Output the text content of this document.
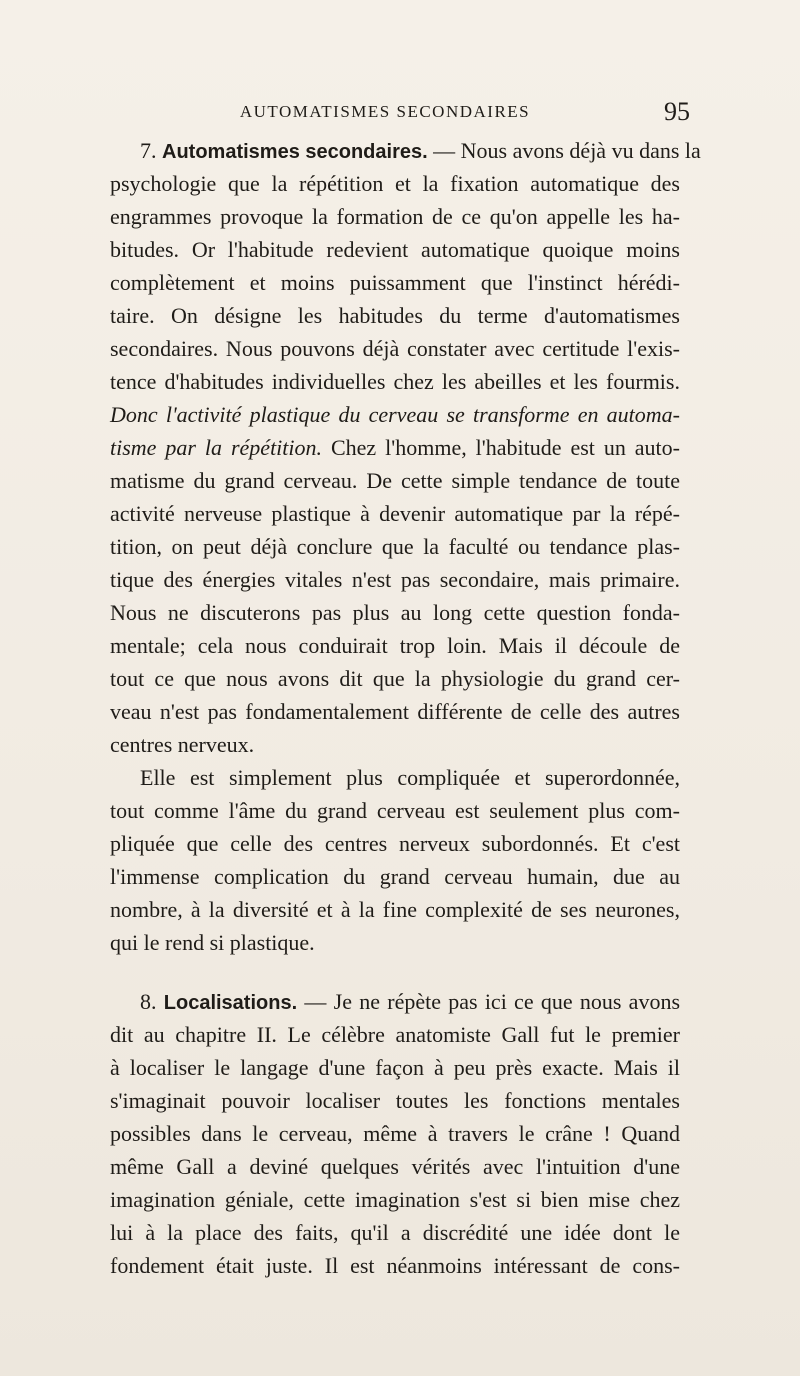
AUTOMATISMES SECONDAIRES	95
7. Automatismes secondaires. — Nous avons déjà vu dans la
psychologie que la répétition et la fixation automatique des
engrammes provoque la formation de ce qu'on appelle les ha-
bitudes. Or l'habitude redevient automatique quoique moins
complètement et moins puissamment que l'instinct hérédi-
taire. On désigne les habitudes du terme d'automatismes
secondaires. Nous pouvons déjà constater avec certitude l'exis-
tence d'habitudes individuelles chez les abeilles et les fourmis.
Donc l'activité plastique du cerveau se transforme en automa-
tisme par la répétition. Chez l'homme, l'habitude est un auto-
matisme du grand cerveau. De cette simple tendance de toute
activité nerveuse plastique à devenir automatique par la répé-
tition, on peut déjà conclure que la faculté ou tendance plas-
tique des énergies vitales n'est pas secondaire, mais primaire.
Nous ne discuterons pas plus au long cette question fonda-
mentale; cela nous conduirait trop loin. Mais il découle de
tout ce que nous avons dit que la physiologie du grand cer-
veau n'est pas fondamentalement différente de celle des autres
centres nerveux.
Elle est simplement plus compliquée et superordonnée,
tout comme l'âme du grand cerveau est seulement plus com-
pliquée que celle des centres nerveux subordonnés. Et c'est
l'immense complication du grand cerveau humain, due au
nombre, à la diversité et à la fine complexité de ses neurones,
qui le rend si plastique.
8. Localisations. — Je ne répète pas ici ce que nous avons
dit au chapitre II. Le célèbre anatomiste Gall fut le premier
à localiser le langage d'une façon à peu près exacte. Mais il
s'imaginait pouvoir localiser toutes les fonctions mentales
possibles dans le cerveau, même à travers le crâne ! Quand
même Gall a deviné quelques vérités avec l'intuition d'une
imagination géniale, cette imagination s'est si bien mise chez
lui à la place des faits, qu'il a discrédité une idée dont le
fondement était juste. Il est néanmoins intéressant de cons-
